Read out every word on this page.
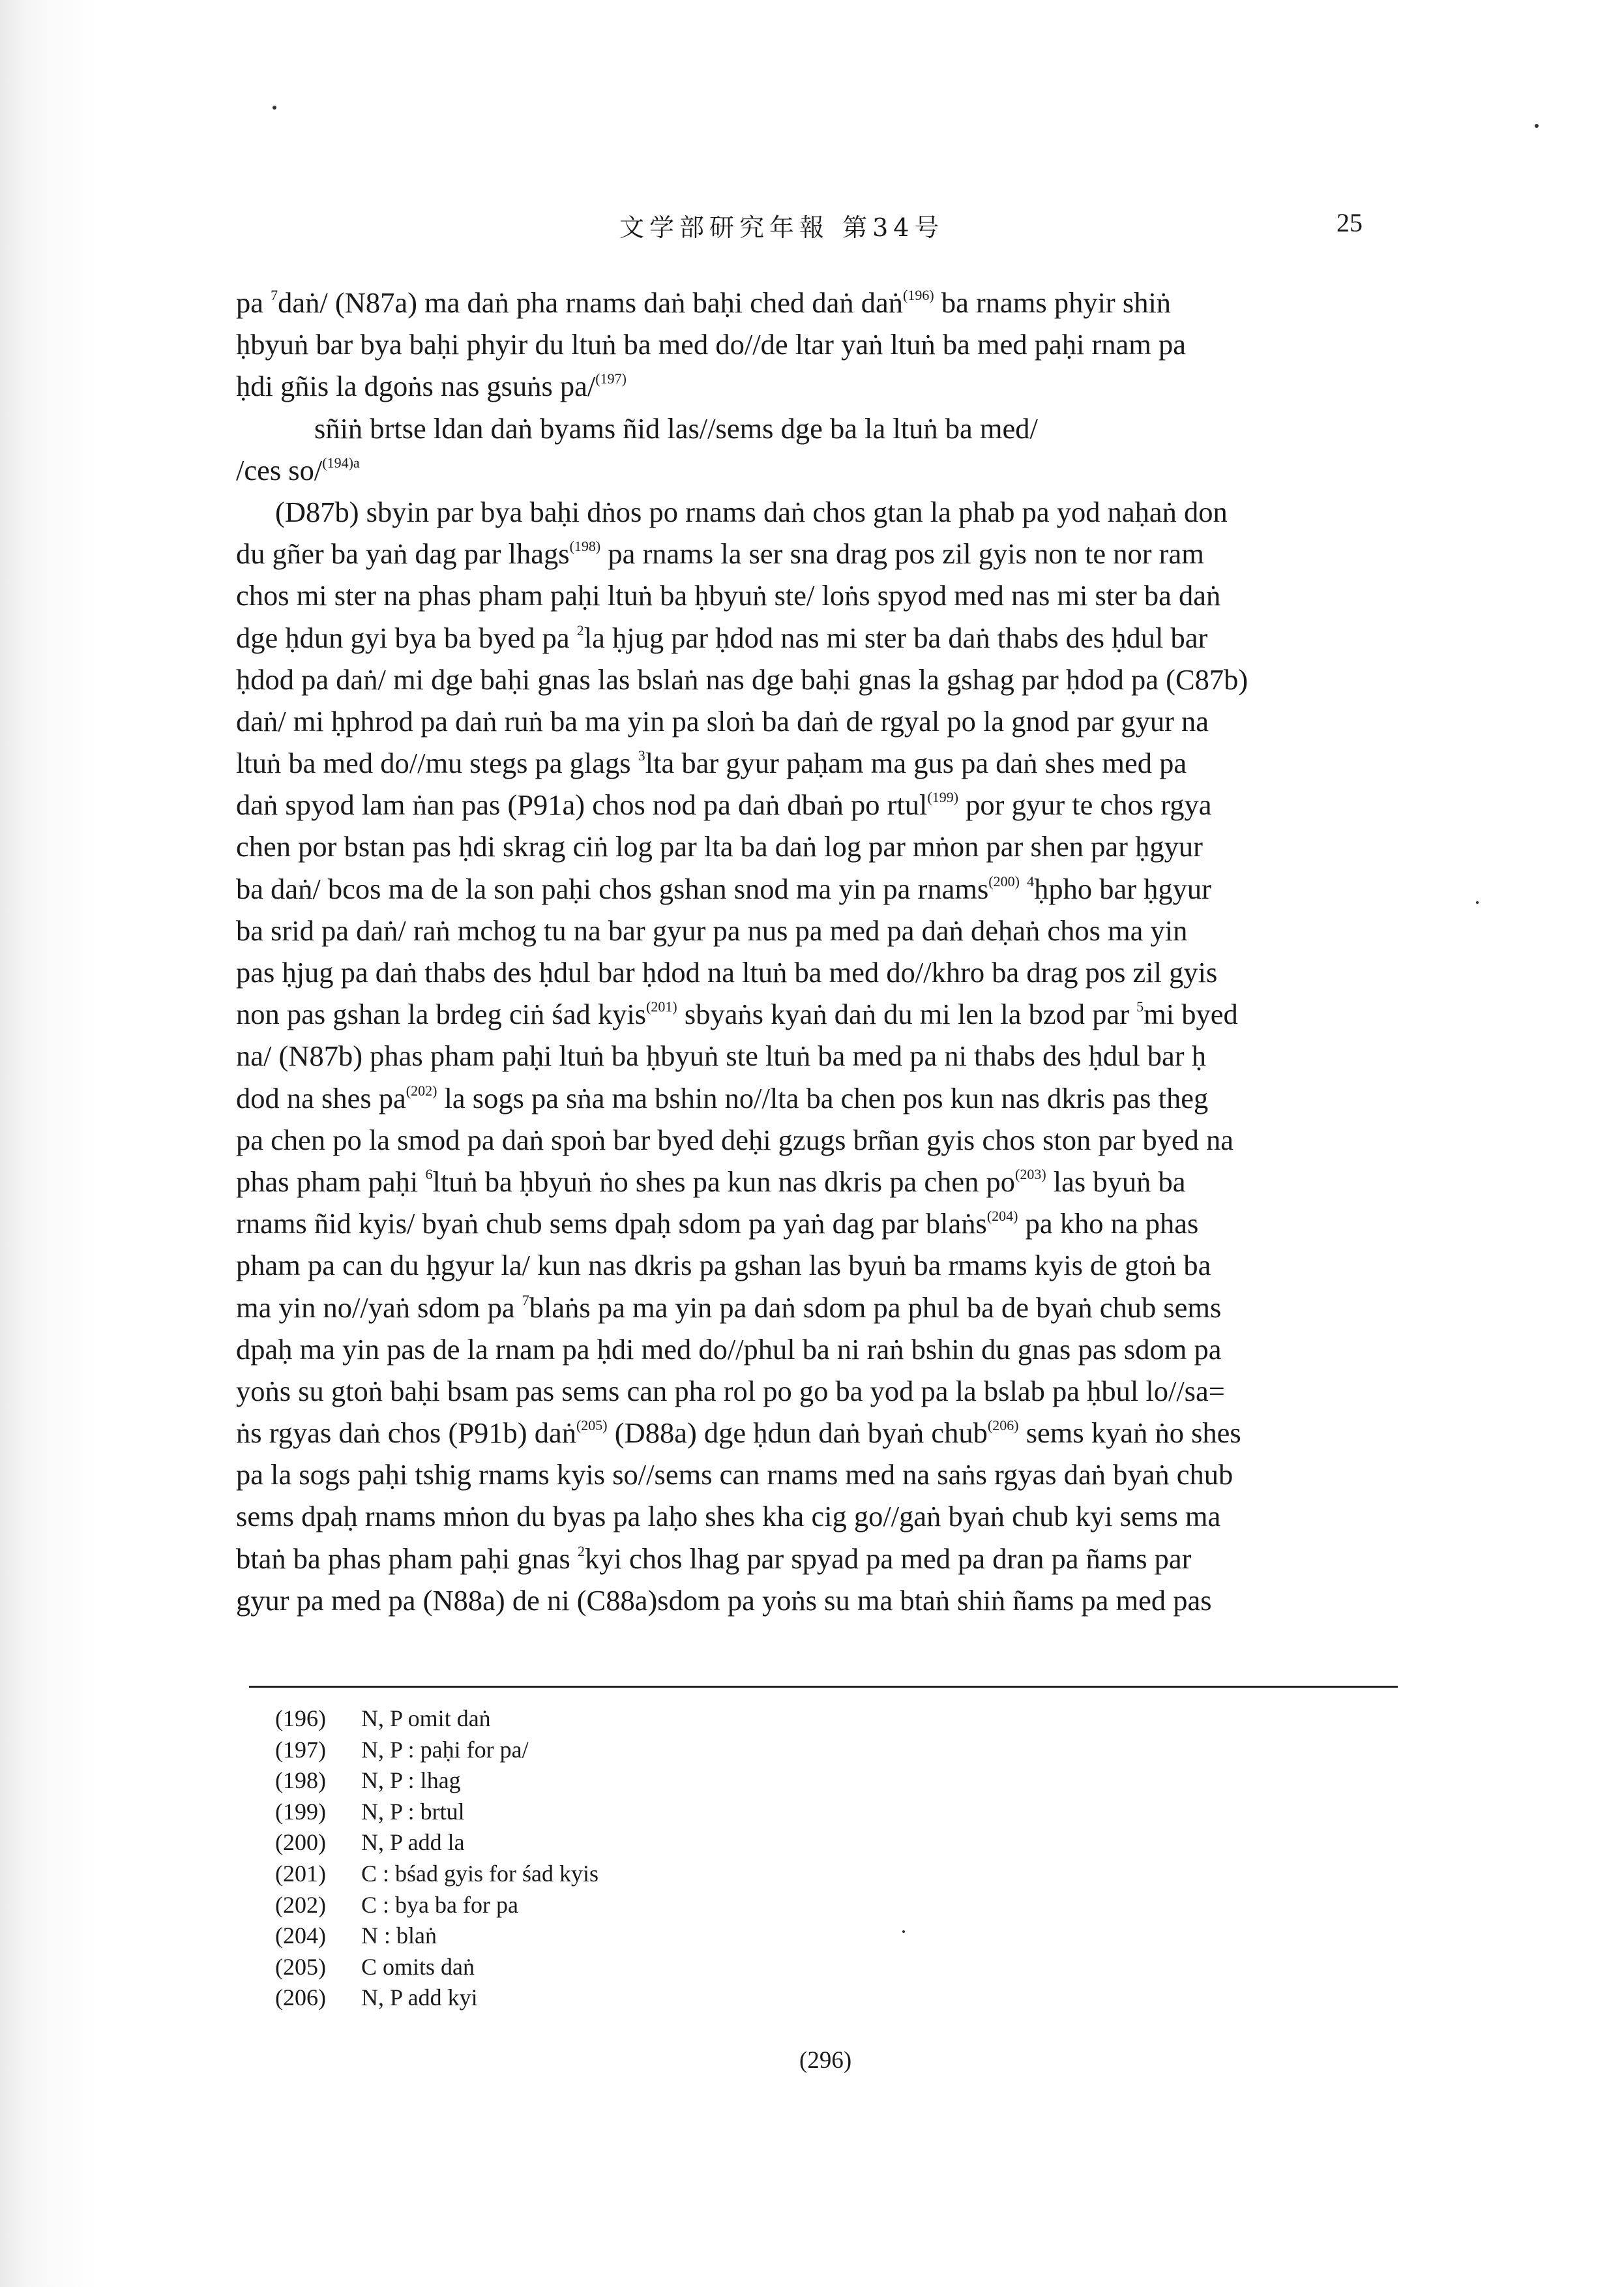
文学部研究年報 第34号	25
pa $^7$daṅ/ (N87a) ma daṅ pha rnams daṅ baḥi ched daṅ daṅ$^{(196)}$ ba rnams phyir shiṅ
ḥbyuṅ bar bya baḥi phyir du ltuṅ ba med do//de ltar yaṅ ltuṅ ba med paḥi rnam pa
ḥdi gñis la dgoṅs nas gsuṅs pa/$^{(197)}$
sñiṅ brtse ldan daṅ byams ñid las//sems dge ba la ltuṅ ba med/
/ces so/$^{(194)a}$
(D87b) sbyin par bya baḥi dṅos po rnams daṅ chos gtan la phab pa yod naḥaṅ don
du gñer ba yaṅ dag par lhags$^{(198)}$ pa rnams la ser sna drag pos zil gyis non te nor ram
chos mi ster na phas pham paḥi ltuṅ ba ḥbyuṅ ste/ loṅs spyod med nas mi ster ba daṅ
dge ḥdun gyi bya ba byed pa $^2$la ḥjug par ḥdod nas mi ster ba daṅ thabs des ḥdul bar
ḥdod pa daṅ/ mi dge baḥi gnas las bslaṅ nas dge baḥi gnas la gshag par ḥdod pa (C87b)
daṅ/ mi ḥphrod pa daṅ ruṅ ba ma yin pa sloṅ ba daṅ de rgyal po la gnod par gyur na
ltuṅ ba med do//mu stegs pa glags $^3$lta bar gyur paḥam ma gus pa daṅ shes med pa
daṅ spyod lam ṅan pas (P91a) chos nod pa daṅ dbaṅ po rtul$^{(199)}$ por gyur te chos rgya
chen por bstan pas ḥdi skrag ciṅ log par lta ba daṅ log par mṅon par shen par ḥgyur
ba daṅ/ bcos ma de la son paḥi chos gshan snod ma yin pa rnams$^{(200)}$ $^4$ḥpho bar ḥgyur
ba srid pa daṅ/ raṅ mchog tu na bar gyur pa nus pa med pa daṅ deḥaṅ chos ma yin
pas ḥjug pa daṅ thabs des ḥdul bar ḥdod na ltuṅ ba med do//khro ba drag pos zil gyis
non pas gshan la brdeg ciṅ śad kyis$^{(201)}$ sbyaṅs kyaṅ daṅ du mi len la bzod par $^5$mi byed
na/ (N87b) phas pham paḥi ltuṅ ba ḥbyuṅ ste ltuṅ ba med pa ni thabs des ḥdul bar ḥ
dod na shes $pa^{(202)}$ la sogs pa sṅa ma bshin no//lta ba chen pos kun nas dkris pas theg
pa chen po la smod pa daṅ spoṅ bar byed deḥi gzugs brñan gyis chos ston par byed na
phas pham paḥi $^6$ltuṅ ba ḥbyuṅ ṅo shes pa kun nas dkris pa chen $po^{(203)}$ las byuṅ ba
rnams ñid kyis/ byaṅ chub sems dpaḥ sdom pa yaṅ dag par blaṅs$^{(204)}$ pa kho na phas
pham pa can du ḥgyur la/ kun nas dkris pa gshan las byuṅ ba rmams kyis de gtoṅ ba
ma yin no//yaṅ sdom pa $^7$blaṅs pa ma yin pa daṅ sdom pa phul ba de byaṅ chub sems
dpaḥ ma yin pas de la rnam pa ḥdi med do//phul ba ni raṅ bshin du gnas pas sdom pa
yoṅs su gtoṅ baḥi bsam pas sems can pha rol po go ba yod pa la bslab pa ḥbul lo//sa=
ṅs rgyas daṅ chos (P91b) daṅ$^{(205)}$ (D88a) dge ḥdun daṅ byaṅ chub$^{(206)}$ sems kyaṅ ṅo shes
pa la sogs paḥi tshig rnams kyis so//sems can rnams med na saṅs rgyas daṅ byaṅ chub
sems dpaḥ rnams mṅon du byas pa laḥo shes kha cig go//gaṅ byaṅ chub kyi sems ma
btaṅ ba phas pham paḥi gnas $^2$kyi chos lhag par spyad pa med pa dran pa ñams par
gyur pa med pa (N88a) de ni (C88a)sdom pa yoṅs su ma btaṅ shiṅ ñams pa med pas
(196) N, P omit daṅ
(197) N, P : paḥi for pa/
(198) N, P : lhag
(199) N, P : brtul
(200) N, P add la
(201) C : bśad gyis for śad kyis
(202) C : bya ba for pa
(204) N : blaṅ
(205) C omits daṅ
(206) N, P add kyi
(296)
